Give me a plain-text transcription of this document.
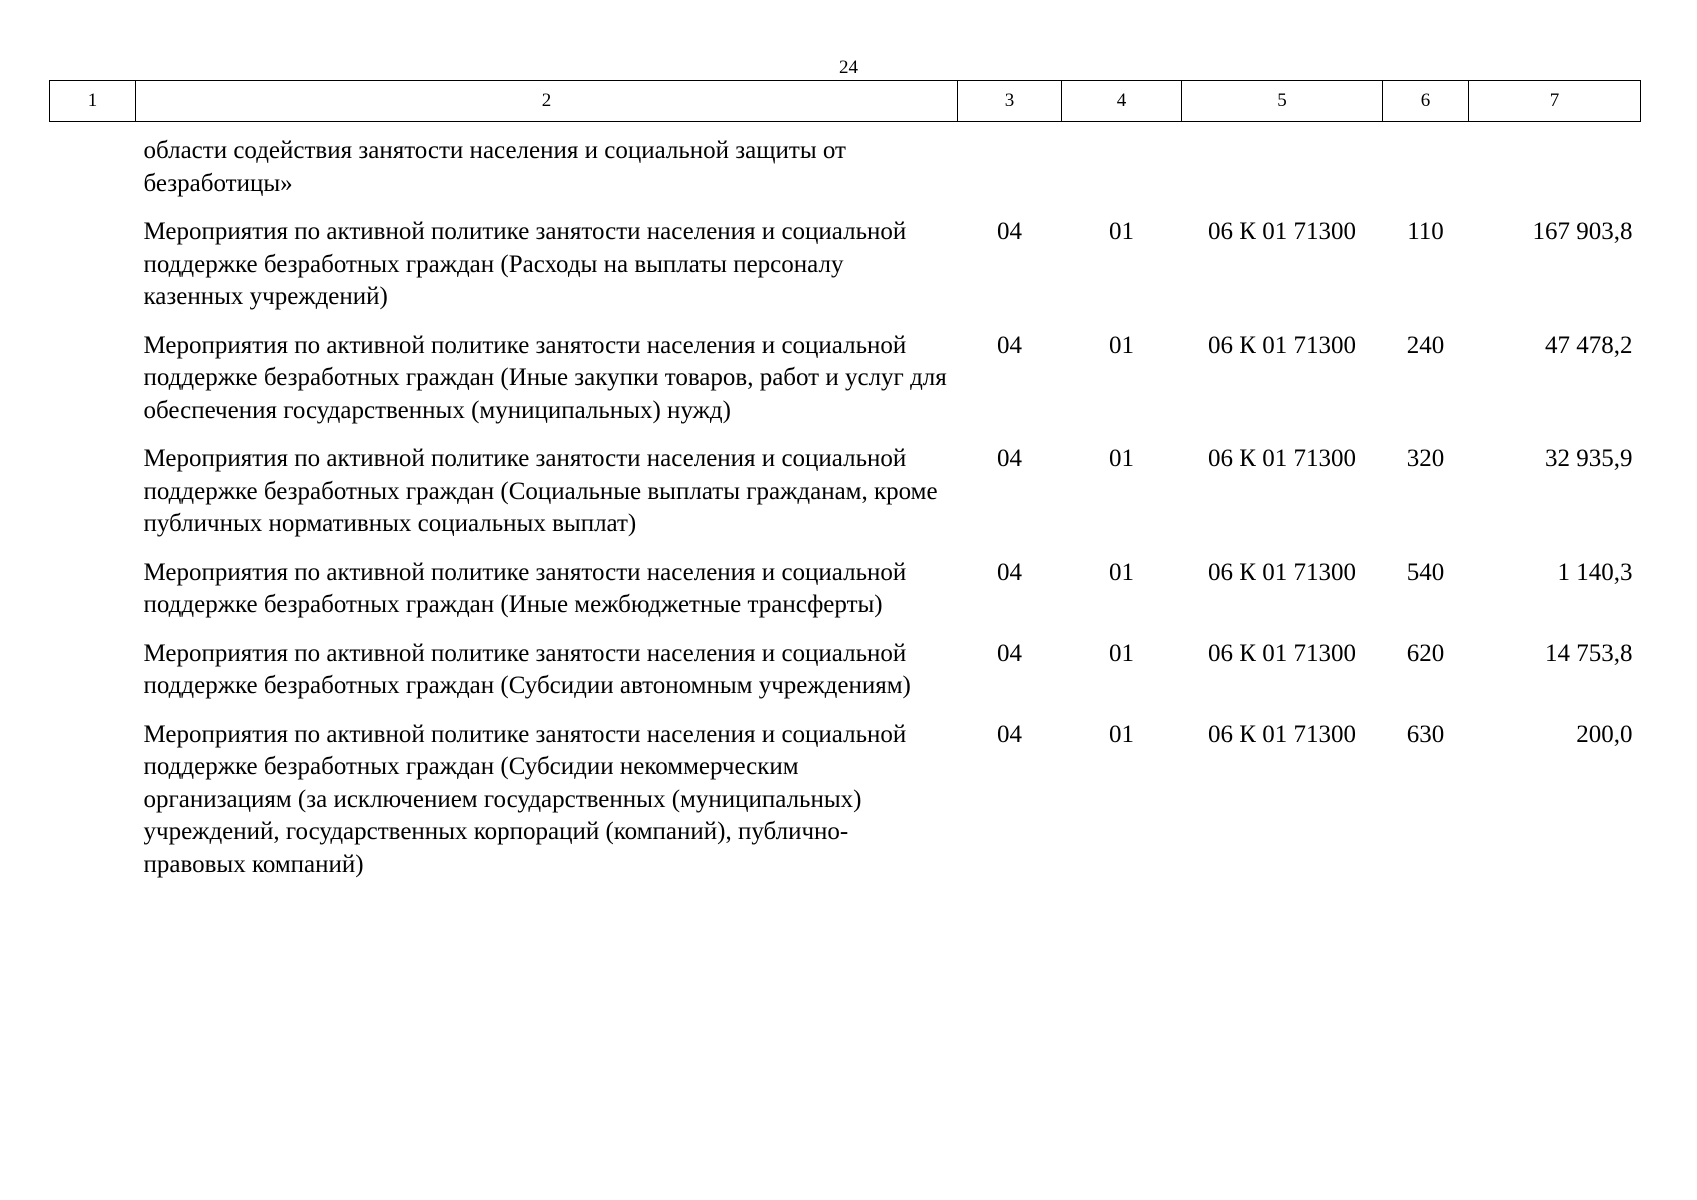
24
1	2	3	4	5	6	7
	области содействия занятости населения и социальной защиты от безработицы»					

	Мероприятия по активной политике занятости населения и социальной поддержке безработных граждан (Расходы на выплаты персоналу казенных учреждений)	04	01	06 К 01 71300	110	167 903,8

	Мероприятия по активной политике занятости населения и социальной поддержке безработных граждан (Иные закупки товаров, работ и услуг для обеспечения государственных (муниципальных) нужд)	04	01	06 К 01 71300	240	47 478,2

	Мероприятия по активной политике занятости населения и социальной поддержке безработных граждан (Социальные выплаты гражданам, кроме публичных нормативных социальных выплат)	04	01	06 К 01 71300	320	32 935,9

	Мероприятия по активной политике занятости населения и социальной поддержке безработных граждан (Иные межбюджетные трансферты)	04	01	06 К 01 71300	540	1 140,3

	Мероприятия по активной политике занятости населения и социальной поддержке безработных граждан (Субсидии автономным учреждениям)	04	01	06 К 01 71300	620	14 753,8

	Мероприятия по активной политике занятости населения и социальной поддержке безработных граждан (Субсидии некоммерческим организациям (за исключением государственных (муниципальных) учреждений, государственных корпораций (компаний), публично-правовых компаний)	04	01	06 К 01 71300	630	200,0
